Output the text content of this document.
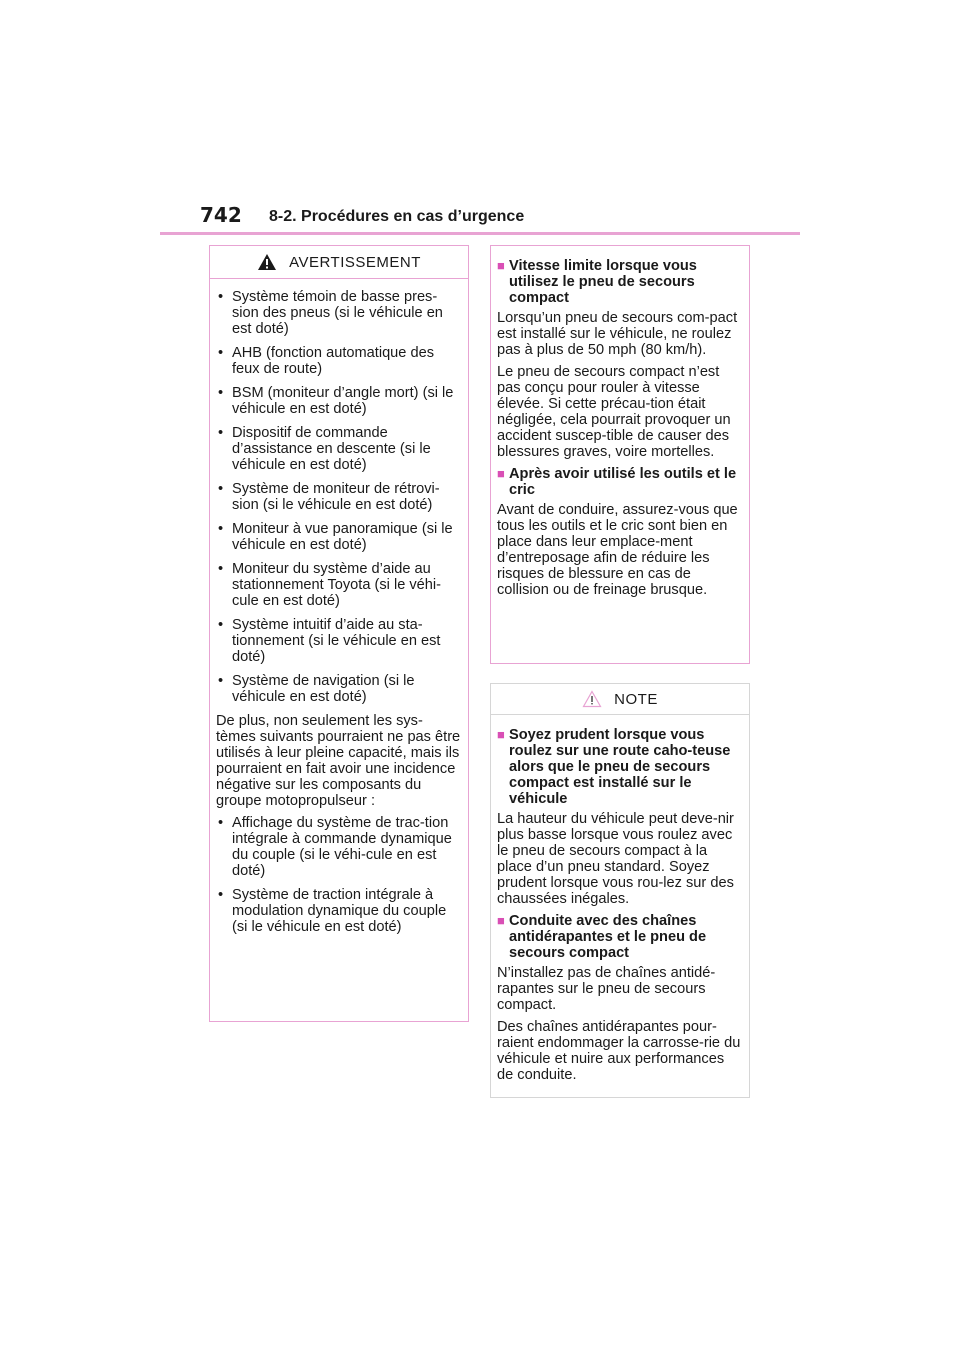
742 8-2. Procédures en cas d’urgence
AVERTISSEMENT
• Système témoin de basse pres-sion des pneus (si le véhicule en est doté)
• AHB (fonction automatique des feux de route)
• BSM (moniteur d’angle mort) (si le véhicule en est doté)
• Dispositif de commande d’assistance en descente (si le véhicule en est doté)
• Système de moniteur de rétrovi-sion (si le véhicule en est doté)
• Moniteur à vue panoramique (si le véhicule en est doté)
• Moniteur du système d’aide au stationnement Toyota (si le véhi-cule en est doté)
• Système intuitif d’aide au sta-tionnement (si le véhicule en est doté)
• Système de navigation (si le véhicule en est doté)

De plus, non seulement les sys-tèmes suivants pourraient ne pas être utilisés à leur pleine capacité, mais ils pourraient en fait avoir une incidence négative sur les composants du groupe motopropulseur :

• Affichage du système de trac-tion intégrale à commande dynamique du couple (si le véhi-cule en est doté)
• Système de traction intégrale à modulation dynamique du couple (si le véhicule en est doté)
■ Vitesse limite lorsque vous utilisez le pneu de secours compact

Lorsqu’un pneu de secours com-pact est installé sur le véhicule, ne roulez pas à plus de 50 mph (80 km/h).

Le pneu de secours compact n’est pas conçu pour rouler à vitesse élevée. Si cette précau-tion était négligée, cela pourrait provoquer un accident suscep-tible de causer des blessures graves, voire mortelles.

■ Après avoir utilisé les outils et le cric

Avant de conduire, assurez-vous que tous les outils et le cric sont bien en place dans leur emplace-ment d’entreposage afin de réduire les risques de blessure en cas de collision ou de freinage brusque.

NOTE
■ Soyez prudent lorsque vous roulez sur une route caho-teuse alors que le pneu de secours compact est installé sur le véhicule

La hauteur du véhicule peut deve-nir plus basse lorsque vous roulez avec le pneu de secours compact à la place d’un pneu standard. Soyez prudent lorsque vous rou-lez sur des chaussées inégales.

■ Conduite avec des chaînes antidérapantes et le pneu de secours compact

N’installez pas de chaînes antidé-rapantes sur le pneu de secours compact.

Des chaînes antidérapantes pour-raient endommager la carrosse-rie du véhicule et nuire aux performances de conduite.
